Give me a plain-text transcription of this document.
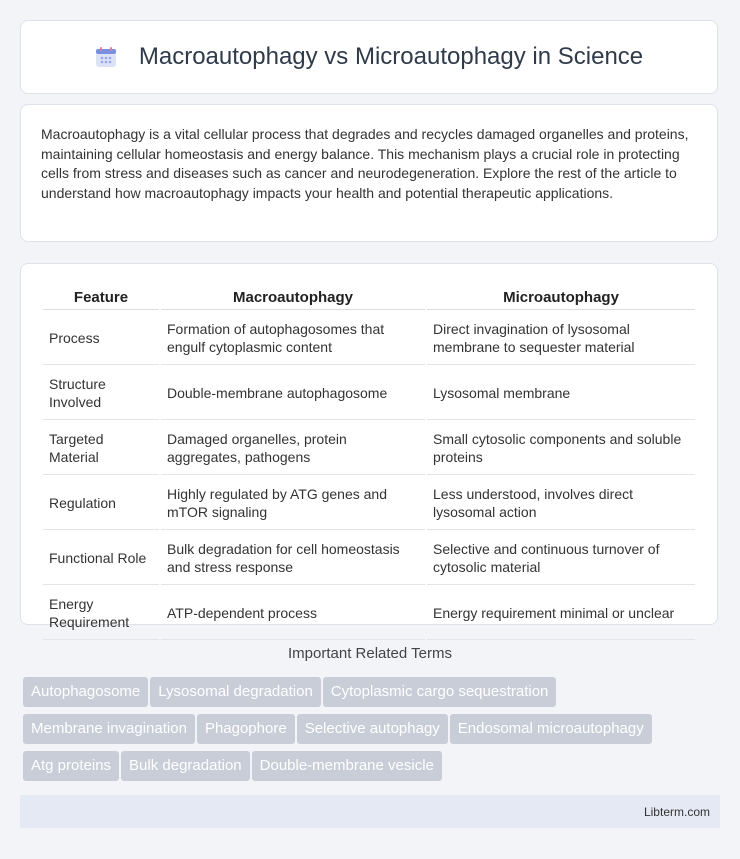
Macroautophagy vs Microautophagy in Science

Macroautophagy is a vital cellular process that degrades and recycles damaged organelles and proteins, maintaining cellular homeostasis and energy balance. This mechanism plays a crucial role in protecting cells from stress and diseases such as cancer and neurodegeneration. Explore the rest of the article to understand how macroautophagy impacts your health and potential therapeutic applications.

Feature	Macroautophagy	Microautophagy
Process	Formation of autophagosomes that engulf cytoplasmic content	Direct invagination of lysosomal membrane to sequester material
Structure Involved	Double-membrane autophagosome	Lysosomal membrane
Targeted Material	Damaged organelles, protein aggregates, pathogens	Small cytosolic components and soluble proteins
Regulation	Highly regulated by ATG genes and mTOR signaling	Less understood, involves direct lysosomal action
Functional Role	Bulk degradation for cell homeostasis and stress response	Selective and continuous turnover of cytosolic material
Energy Requirement	ATP-dependent process	Energy requirement minimal or unclear
Important Related Terms
Autophagosome Lysosomal degradation Cytoplasmic cargo sequestration
Membrane invagination Phagophore Selective autophagy Endosomal microautophagy
Atg proteins Bulk degradation Double-membrane vesicle
Libterm.com
